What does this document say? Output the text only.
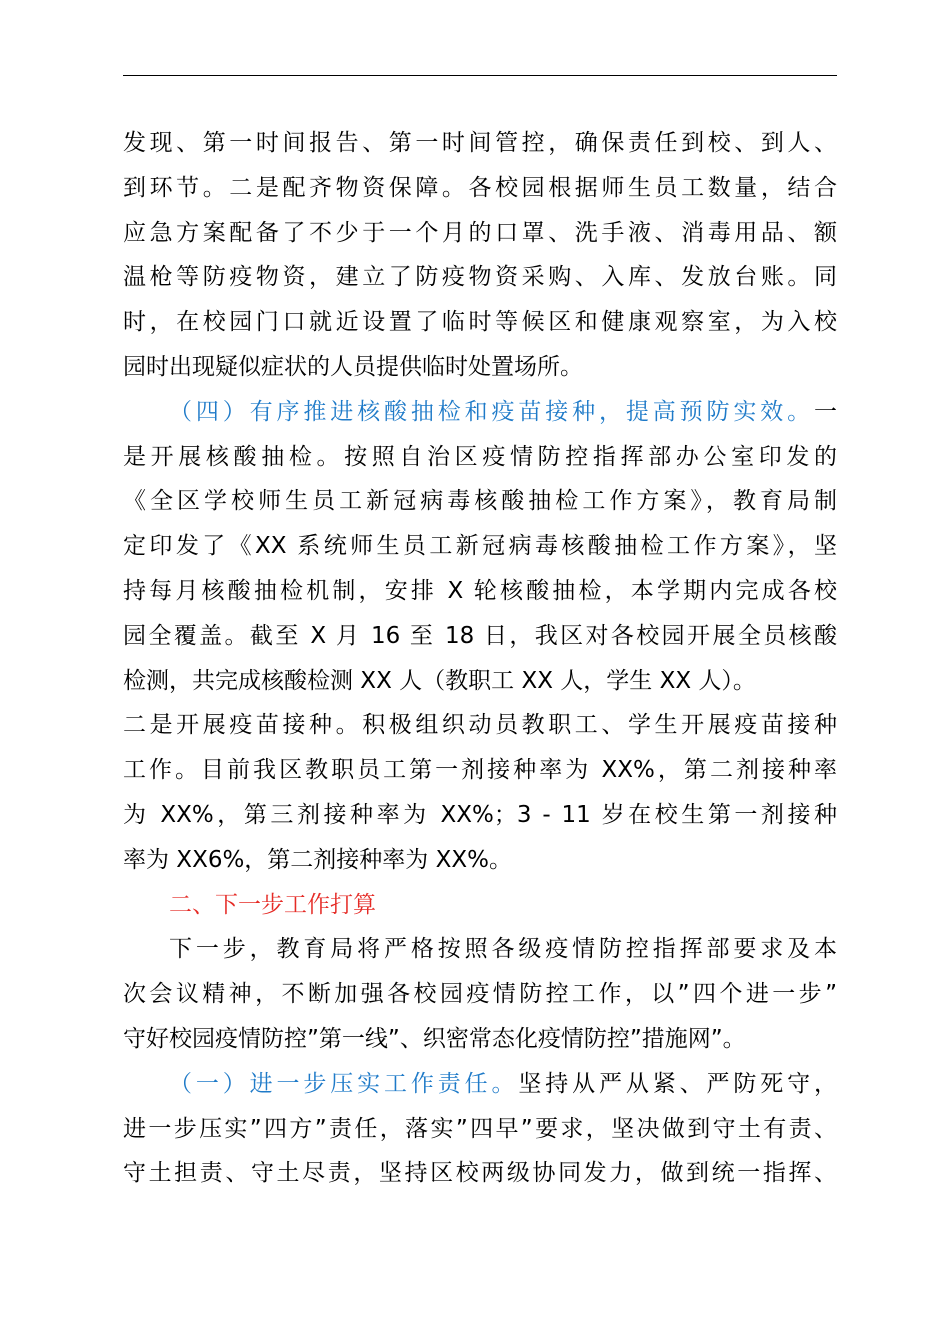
发现、第一时间报告、第一时间管控，确保责任到校、到人、
到环节。二是配齐物资保障。各校园根据师生员工数量，结合
应急方案配备了不少于一个月的口罩、洗手液、消毒用品、额
温枪等防疫物资，建立了防疫物资采购、入库、发放台账。同
时，在校园门口就近设置了临时等候区和健康观察室，为入校
园时出现疑似症状的人员提供临时处置场所。
（四）有序推进核酸抽检和疫苗接种，提高预防实效。一
是开展核酸抽检。按照自治区疫情防控指挥部办公室印发的
《全区学校师生员工新冠病毒核酸抽检工作方案》，教育局制
定印发了《XX 系统师生员工新冠病毒核酸抽检工作方案》，坚
持每月核酸抽检机制，安排 X 轮核酸抽检，本学期内完成各校
园全覆盖。截至 X 月 16 至 18 日，我区对各校园开展全员核酸
检测，共完成核酸检测 XX 人（教职工 XX 人，学生 XX 人）。
二是开展疫苗接种。积极组织动员教职工、学生开展疫苗接种
工作。目前我区教职员工第一剂接种率为 XX%，第二剂接种率
为 XX%，第三剂接种率为 XX%；3 - 11 岁在校生第一剂接种
率为 XX6%，第二剂接种率为 XX%。
二、下一步工作打算
下一步，教育局将严格按照各级疫情防控指挥部要求及本
次会议精神，不断加强各校园疫情防控工作，以”四个进一步”
守好校园疫情防控”第一线”、织密常态化疫情防控”措施网”。
（一）进一步压实工作责任。坚持从严从紧、严防死守，
进一步压实”四方”责任，落实”四早”要求，坚决做到守土有责、
守土担责、守土尽责，坚持区校两级协同发力，做到统一指挥、
